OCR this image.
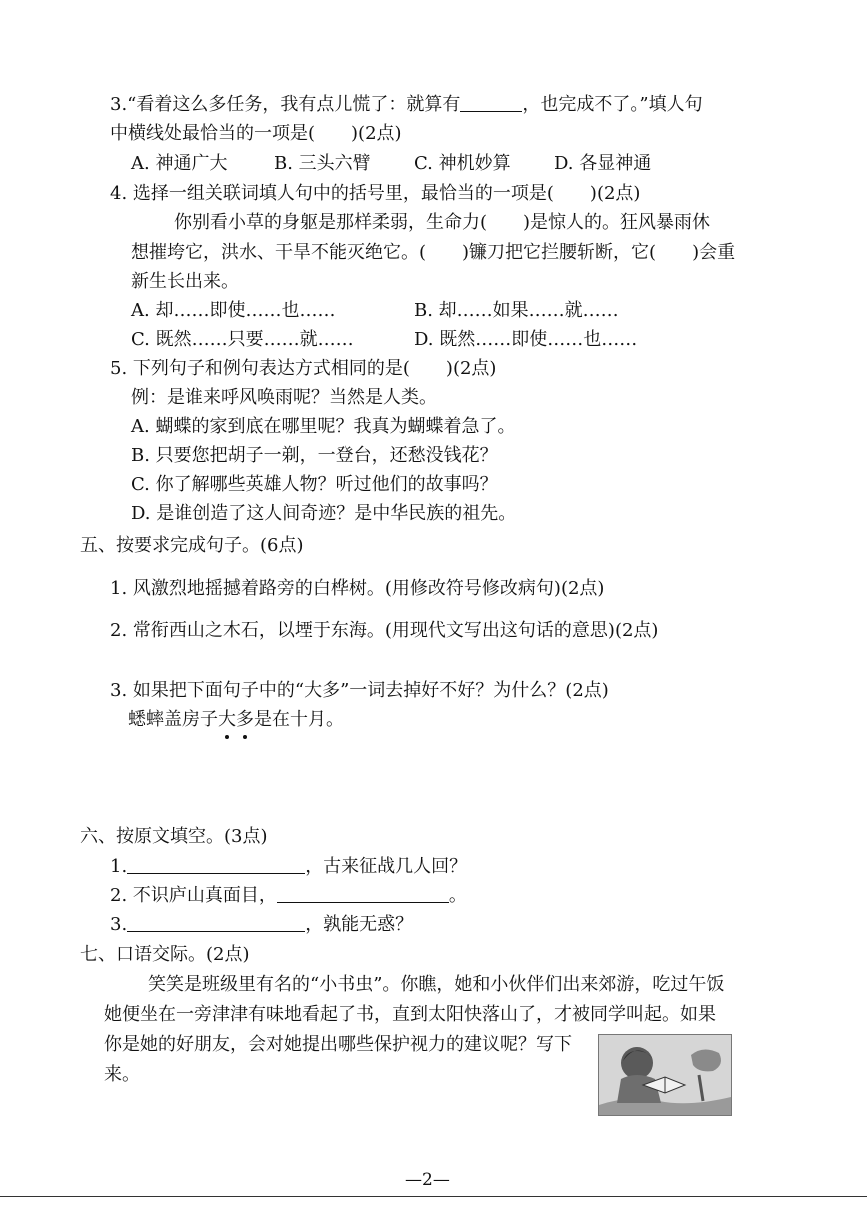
3.“看着这么多任务，我有点儿慌了：就算有	，也完成不了。”填人句
中横线处最恰当的一项是(　　)(2点)
A. 神通广大	B. 三头六臂 C. 神机妙算 D. 各显神通
4. 选择一组关联词填人句中的括号里，最恰当的一项是(　　)(2点)
你别看小草的身躯是那样柔弱，生命力(　　)是惊人的。狂风暴雨休
想摧垮它，洪水、干旱不能灭绝它。(　　)镰刀把它拦腰斩断，它(　　)会重
新生长出来。
A. 却……即使……也……	B. 却……如果……就……
C. 既然……只要……就……	D. 既然……即使……也……
5. 下列句子和例句表达方式相同的是(　　)(2点)
例：是谁来呼风唤雨呢？当然是人类。
A. 蝴蝶的家到底在哪里呢？我真为蝴蝶着急了。
B. 只要您把胡子一剃，一登台，还愁没钱花？
C. 你了解哪些英雄人物？听过他们的故事吗？
D. 是谁创造了这人间奇迹？是中华民族的祖先。
五、按要求完成句子。(6点)
1. 风激烈地摇撼着路旁的白桦树。(用修改符号修改病句)(2点)
2. 常衔西山之木石，以堙于东海。(用现代文写出这句话的意思)(2点)
3. 如果把下面句子中的“大多”一词去掉好不好？为什么？(2点)
蟋蟀盖房子大多是在十月。
六、按原文填空。(3点)
1.	，古来征战几人回？
2. 不识庐山真面目，	。
3.	，孰能无惑？
七、口语交际。(2点)
笑笑是班级里有名的“小书虫”。你瞧，她和小伙伴们出来郊游，吃过午饭
她便坐在一旁津津有味地看起了书，直到太阳快落山了，才被同学叫起。如果
你是她的好朋友，会对她提出哪些保护视力的建议呢？写下
来。
—2—
